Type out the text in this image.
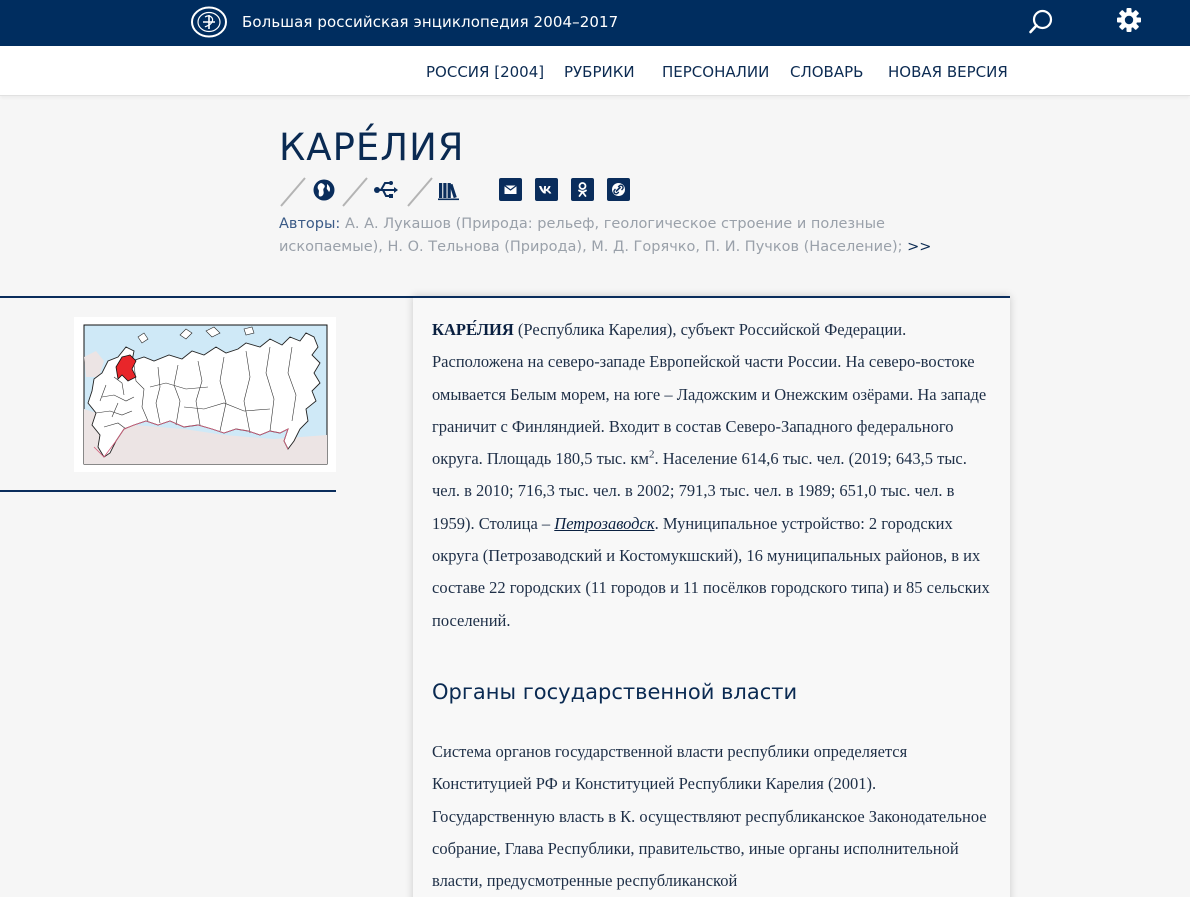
Большая российская энциклопедия 2004–2017
РОССИЯ [2004] РУБРИКИ ПЕРСОНАЛИИ СЛОВАРЬ НОВАЯ ВЕРСИЯ
КАРЕ́ЛИЯ
Авторы: А. А. Лукашов (Природа: рельеф, геологическое строение и полезные ископаемые), Н. О. Тельнова (Природа), М. Д. Горячко, П. И. Пучков (Население); >>

КАРЕ́ЛИЯ (Республика Карелия), субъект Российской Федерации. Расположена на северо-западе Европейской части России. На северо-востоке омывается Белым морем, на юге – Ладожским и Онежским озёрами. На западе граничит с Финляндией. Входит в состав Северо-Западного федерального округа. Площадь 180,5 тыс. $км^2$. Население 614,6 тыс. чел. (2019; 643,5 тыс. чел. в 2010; 716,3 тыс. чел. в 2002; 791,3 тыс. чел. в 1989; 651,0 тыс. чел. в 1959). Столица – Петрозаводск. Муниципальное устройство: 2 городских округа (Петрозаводский и Костомукшский), 16 муниципальных районов, в их составе 22 городских (11 городов и 11 посёлков городского типа) и 85 сельских поселений.

Органы государственной власти

Система органов государственной власти республики определяется Конституцией РФ и Конституцией Республики Карелия (2001). Государственную власть в К. осуществляют республиканское Законодательное собрание, Глава Республики, правительство, иные органы исполнительной власти, предусмотренные республиканской
